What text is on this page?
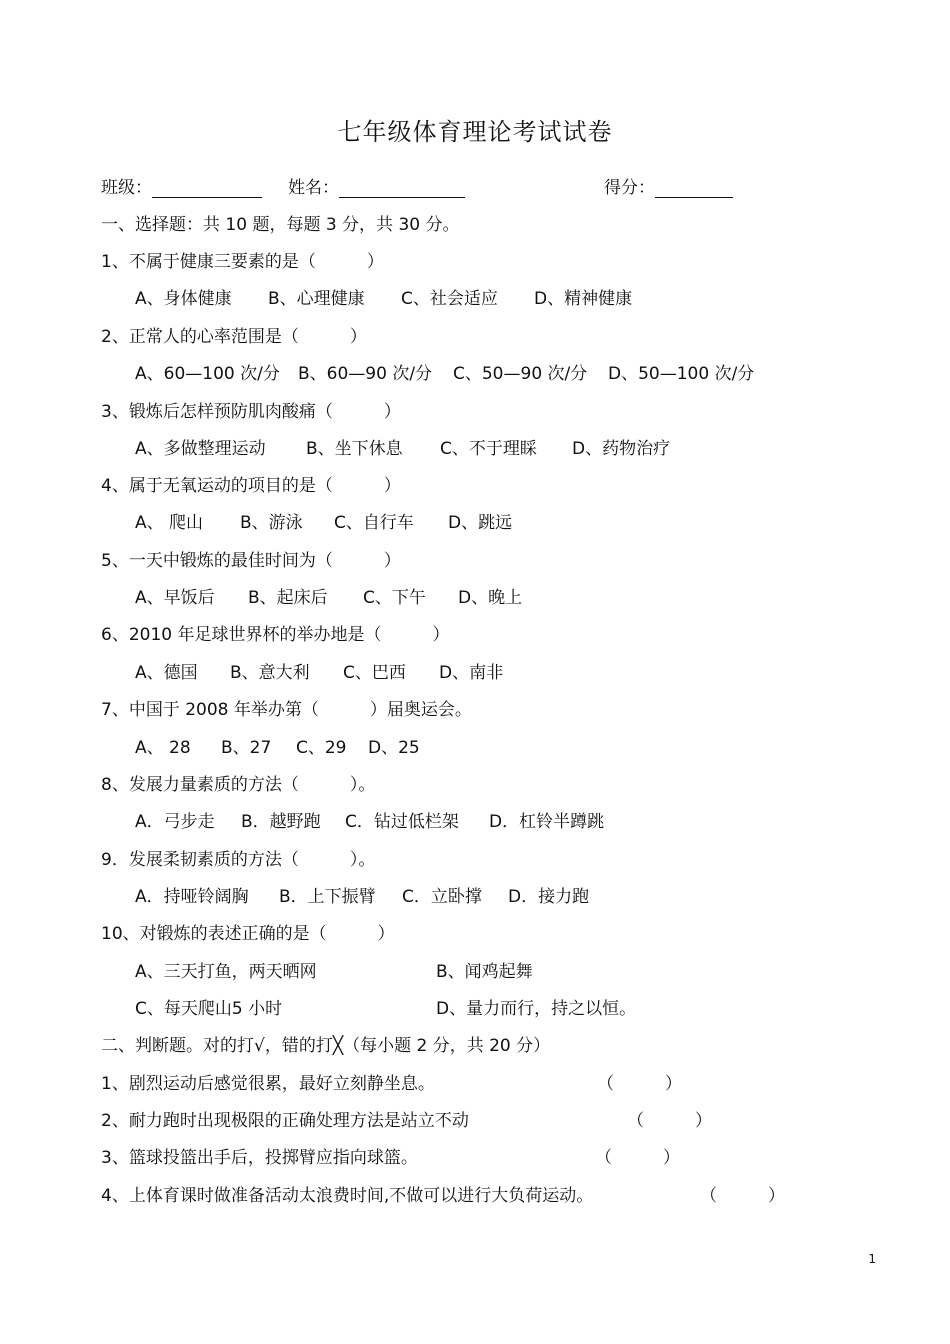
七年级体育理论考试试卷
班级：	姓名：	得分：
一、选择题：共 10 题，每题 3 分，共 30 分。
1、不属于健康三要素的是（　　　）
A、身体健康 B、心理健康 C、社会适应 D、精神健康
2、正常人的心率范围是（　　　）
A、60—100 次/分 B、60—90 次/分 C、50—90 次/分 D、50—100 次/分
3、锻炼后怎样预防肌肉酸痛（　　　）
A、多做整理运动 B、坐下休息 C、不于理睬 D、药物治疗
4、属于无氧运动的项目的是（　　　）
A、 爬山 B、游泳 C、自行车 D、跳远
5、一天中锻炼的最佳时间为（　　　）
A、早饭后 B、起床后 C、下午 D、晚上
6、2010 年足球世界杯的举办地是（　　　）
A、德国 B、意大利 C、巴西 D、南非
7、中国于 2008 年举办第（　　　）届奥运会。
A、 28 B、27 C、29 D、25
8、发展力量素质的方法（　　　）。
A．弓步走 B．越野跑 C．钻过低栏架 D．杠铃半蹲跳
9．发展柔韧素质的方法（　　　）。
A．持哑铃阔胸 B．上下振臂 C．立卧撑 D．接力跑
10、对锻炼的表述正确的是（　　　）
A、三天打鱼，两天晒网	B、闻鸡起舞
C、每天爬山5 小时	D、量力而行，持之以恒。
二、判断题。对的打√，错的打╳（每小题 2 分，共 20 分）
1、剧烈运动后感觉很累，最好立刻静坐息。	（　　　）
2、耐力跑时出现极限的正确处理方法是站立不动	（　　　）
3、篮球投篮出手后，投掷臂应指向球篮。	（　　　）
4、上体育课时做准备活动太浪费时间,不做可以进行大负荷运动。	（　　　）
1
